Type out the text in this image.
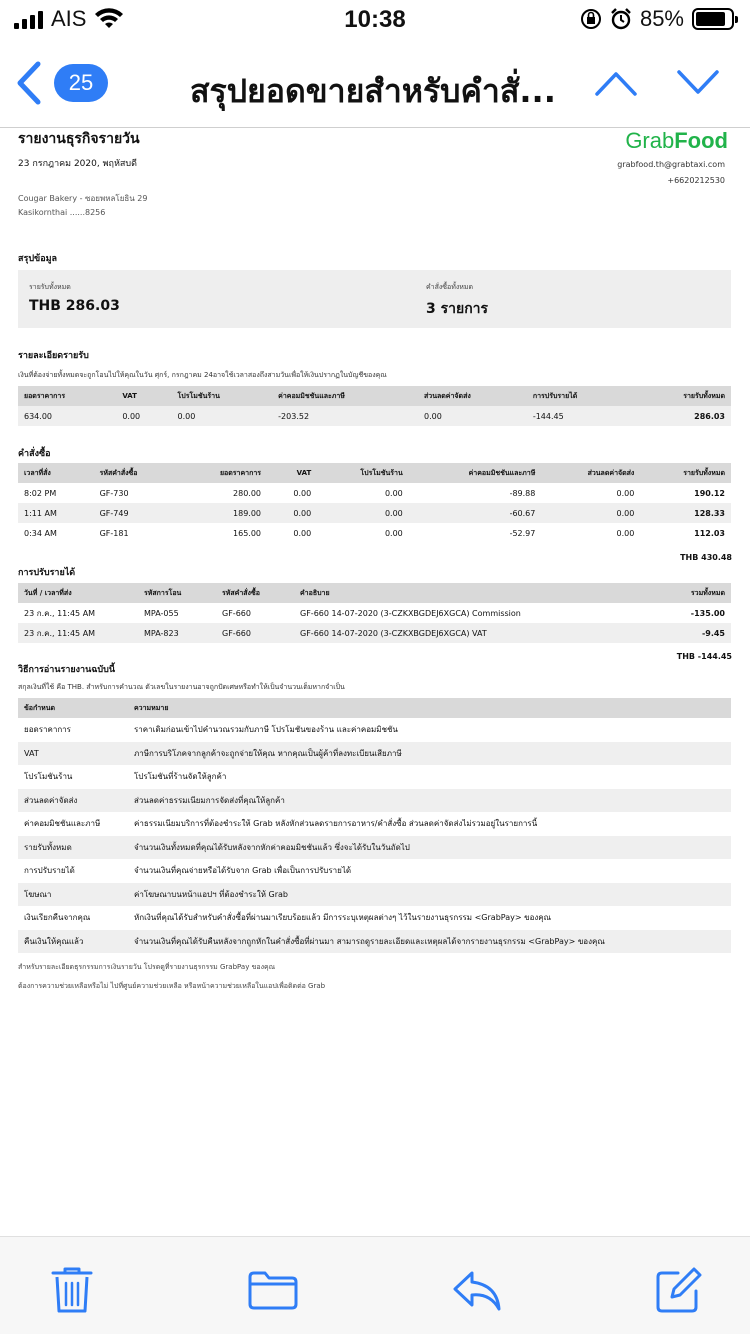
AIS	10:38	85%
25	สรุปยอดขายสำหรับคำสั่...
รายงานธุรกิจรายวัน
23 กรกฎาคม 2020, พฤหัสบดี
Cougar Bakery - ซอยพหลโยธิน 29
Kasikornthai ......8256
GrabFood
grabfood.th@grabtaxi.com
+6620212530
สรุปข้อมูล
รายรับทั้งหมด
THB 286.03
คำสั่งซื้อทั้งหมด
3 รายการ
รายละเอียดรายรับ
เงินที่ต้องจ่ายทั้งหมดจะถูกโอนไปให้คุณในวัน ศุกร์, กรกฎาคม 24อาจใช้เวลาสองถึงสามวันเพื่อให้เงินปรากฏในบัญชีของคุณ
ยอดราคาการ	VAT	โปรโมชันร้าน	ค่าคอมมิชชันและภาษี	ส่วนลดค่าจัดส่ง	การปรับรายได้	รายรับทั้งหมด
634.00	0.00	0.00	-203.52	0.00	-144.45	286.03
คำสั่งซื้อ
เวลาที่สั่ง	รหัสคำสั่งซื้อ	ยอดราคาการ	VAT	โปรโมชันร้าน	ค่าคอมมิชชันและภาษี	ส่วนลดค่าจัดส่ง	รายรับทั้งหมด
8:02 PM	GF-730	280.00	0.00	0.00	-89.88	0.00	190.12
1:11 AM	GF-749	189.00	0.00	0.00	-60.67	0.00	128.33
0:34 AM	GF-181	165.00	0.00	0.00	-52.97	0.00	112.03
THB 430.48
การปรับรายได้
วันที่ / เวลาที่ส่ง	รหัสการโอน	รหัสคำสั่งซื้อ	คำอธิบาย	รวมทั้งหมด
23 ก.ค., 11:45 AM	MPA-055	GF-660	GF-660 14-07-2020 (3-CZKXBGDEJ6XGCA) Commission	-135.00
23 ก.ค., 11:45 AM	MPA-823	GF-660	GF-660 14-07-2020 (3-CZKXBGDEJ6XGCA) VAT	-9.45
THB -144.45
วิธีการอ่านรายงานฉบับนี้
สกุลเงินที่ใช้ คือ THB. สำหรับการคำนวณ ตัวเลขในรายงานอาจถูกปัดเศษหรือทำให้เป็นจำนวนเต็มหากจำเป็น
ข้อกำหนด	ความหมาย
ยอดราคาการ	ราคาเดิมก่อนเข้าไปคำนวณรวมกับภาษี โปรโมชันของร้าน และค่าคอมมิชชัน
VAT	ภาษีการบริโภคจากลูกค้าจะถูกจ่ายให้คุณ หากคุณเป็นผู้ค้าที่ลงทะเบียนเสียภาษี
โปรโมชันร้าน	โปรโมชันที่ร้านจัดให้ลูกค้า
ส่วนลดค่าจัดส่ง	ส่วนลดค่าธรรมเนียมการจัดส่งที่คุณให้ลูกค้า
ค่าคอมมิชชันและภาษี	ค่าธรรมเนียมบริการที่ต้องชำระให้ Grab หลังหักส่วนลดรายการอาหาร/คำสั่งซื้อ ส่วนลดค่าจัดส่งไม่รวมอยู่ในรายการนี้
รายรับทั้งหมด	จำนวนเงินทั้งหมดที่คุณได้รับหลังจากหักค่าคอมมิชชันแล้ว ซึ่งจะได้รับในวันถัดไป
การปรับรายได้	จำนวนเงินที่คุณจ่ายหรือได้รับจาก Grab เพื่อเป็นการปรับรายได้
โฆษณา	ค่าโฆษณาบนหน้าแอปฯ ที่ต้องชำระให้ Grab
เงินเรียกคืนจากคุณ	หักเงินที่คุณได้รับสำหรับคำสั่งซื้อที่ผ่านมาเรียบร้อยแล้ว มีการระบุเหตุผลต่างๆ ไว้ในรายงานธุรกรรม <GrabPay> ของคุณ
คืนเงินให้คุณแล้ว	จำนวนเงินที่คุณได้รับคืนหลังจากถูกหักในคำสั่งซื้อที่ผ่านมา สามารถดูรายละเอียดและเหตุผลได้จากรายงานธุรกรรม <GrabPay> ของคุณ
สำหรับรายละเอียดธุรกรรมการเงินรายวัน โปรดดูที่รายงานธุรกรรม GrabPay ของคุณ
ต้องการความช่วยเหลือหรือไม่ ไปที่ศูนย์ความช่วยเหลือ หรือหน้าความช่วยเหลือในแอปเพื่อติดต่อ Grab
